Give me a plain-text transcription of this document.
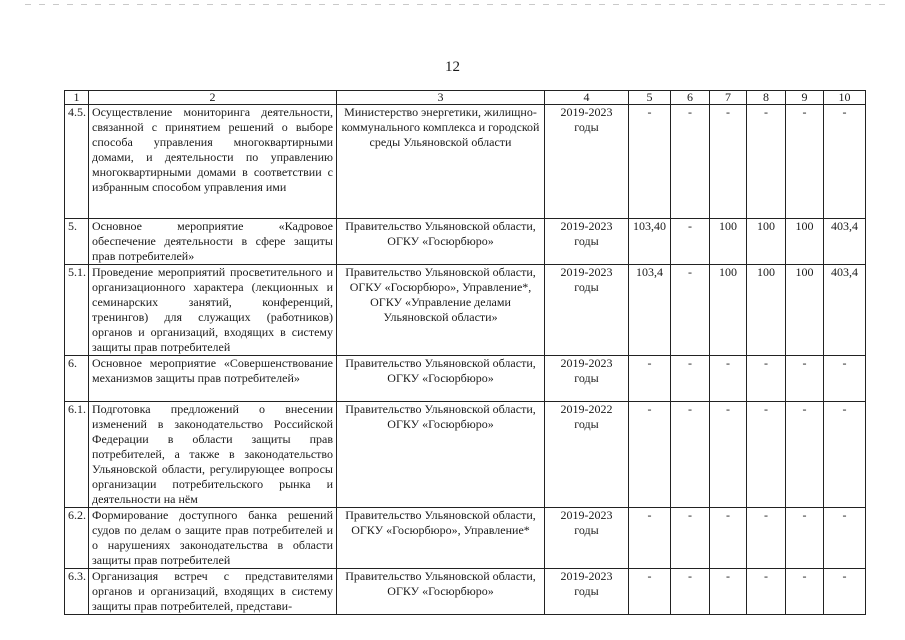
12
1	2	3	4	5	6	7	8	9	10
4.5.	Осуществление мониторинга деятельности, связанной с принятием решений о выборе способа управления многоквартирными домами, и деятельности по управлению многоквартирными домами в соответствии с избранным способом управления ими	Министерство энергетики, жилищно-коммунального комплекса и городской среды Ульяновской области	2019-2023 годы	-	-	-	-	-	-
5.	Основное мероприятие «Кадровое обеспечение деятельности в сфере защиты прав потребителей»	Правительство Ульяновской области, ОГКУ «Госюрбюро»	2019-2023 годы	103,40	-	100	100	100	403,4
5.1.	Проведение мероприятий просветительного и организационного характера (лекционных и семинарских занятий, конференций, тренингов) для служащих (работников) органов и организаций, входящих в систему защиты прав потребителей	Правительство Ульяновской области, ОГКУ «Госюрбюро», Управление*, ОГКУ «Управление делами Ульяновской области»	2019-2023 годы	103,4	-	100	100	100	403,4
6.	Основное мероприятие «Совершенствование механизмов защиты прав потребителей»	Правительство Ульяновской области, ОГКУ «Госюрбюро»	2019-2023 годы	-	-	-	-	-	-
6.1.	Подготовка предложений о внесении изменений в законодательство Российской Федерации в области защиты прав потребителей, а также в законодательство Ульяновской области, регулирующее вопросы организации потребительского рынка и деятельности на нём	Правительство Ульяновской области, ОГКУ «Госюрбюро»	2019-2022 годы	-	-	-	-	-	-
6.2.	Формирование доступного банка решений судов по делам о защите прав потребителей и о нарушениях законодательства в области защиты прав потребителей	Правительство Ульяновской области, ОГКУ «Госюрбюро», Управление*	2019-2023 годы	-	-	-	-	-	-
6.3.	Организация встреч с представителями органов и организаций, входящих в систему защиты прав потребителей, представи-	Правительство Ульяновской области, ОГКУ «Госюрбюро»	2019-2023 годы	-	-	-	-	-	-
